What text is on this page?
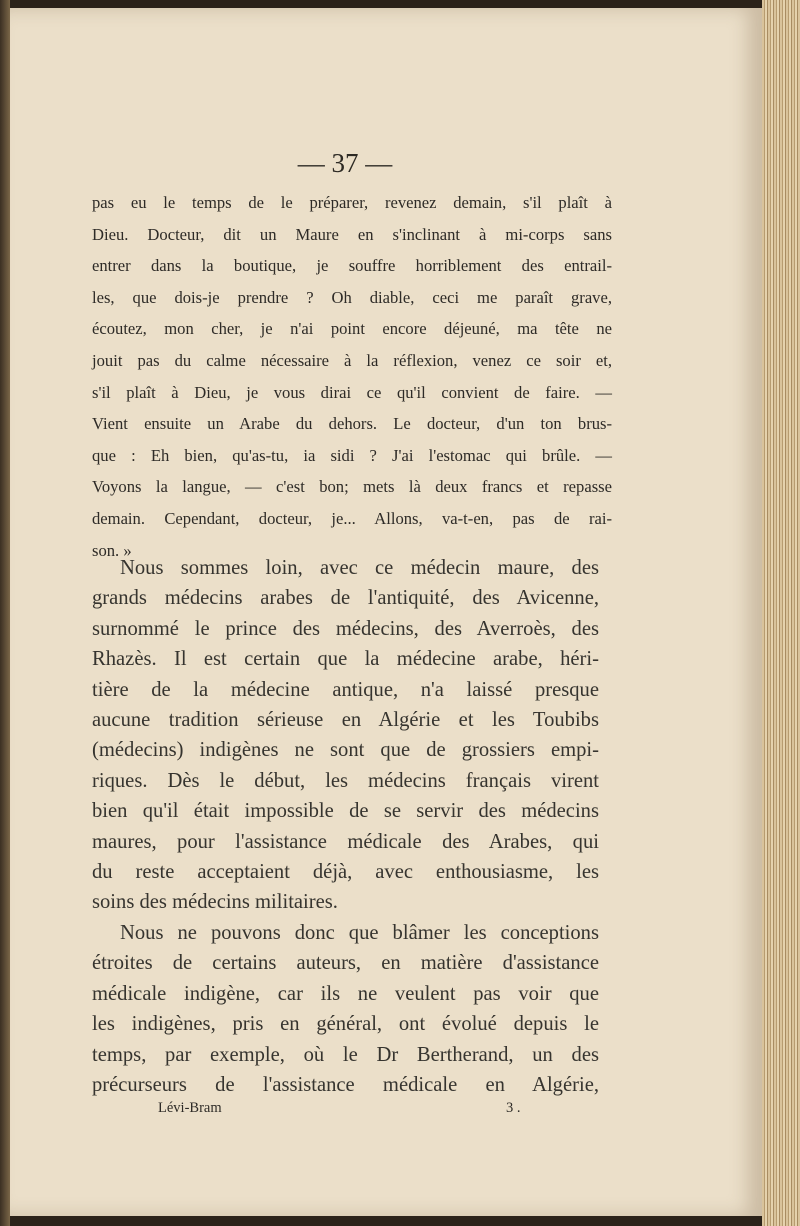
— 37 —
pas eu le temps de le préparer, revenez demain, s'il plaît à
Dieu. Docteur, dit un Maure en s'inclinant à mi-corps sans
entrer dans la boutique, je souffre horriblement des entrail-
les, que dois-je prendre ? Oh diable, ceci me paraît grave,
écoutez, mon cher, je n'ai point encore déjeuné, ma tête ne
jouit pas du calme nécessaire à la réflexion, venez ce soir et,
s'il plaît à Dieu, je vous dirai ce qu'il convient de faire. —
Vient ensuite un Arabe du dehors. Le docteur, d'un ton brus-
que : Eh bien, qu'as-tu, ia sidi ? J'ai l'estomac qui brûle. —
Voyons la langue, — c'est bon; mets là deux francs et repasse
demain. Cependant, docteur, je... Allons, va-t-en, pas de rai-
son. »
Nous sommes loin, avec ce médecin maure, des
grands médecins arabes de l'antiquité, des Avicenne,
surnommé le prince des médecins, des Averroès, des
Rhazès. Il est certain que la médecine arabe, héri-
tière de la médecine antique, n'a laissé presque
aucune tradition sérieuse en Algérie et les Toubibs
(médecins) indigènes ne sont que de grossiers empi-
riques. Dès le début, les médecins français virent
bien qu'il était impossible de se servir des médecins
maures, pour l'assistance médicale des Arabes, qui
du reste acceptaient déjà, avec enthousiasme, les
soins des médecins militaires.
Nous ne pouvons donc que blâmer les conceptions
étroites de certains auteurs, en matière d'assistance
médicale indigène, car ils ne veulent pas voir que
les indigènes, pris en général, ont évolué depuis le
temps, par exemple, où le Dr Bertherand, un des
précurseurs de l'assistance médicale en Algérie,
Lévi-Bram	3 .
